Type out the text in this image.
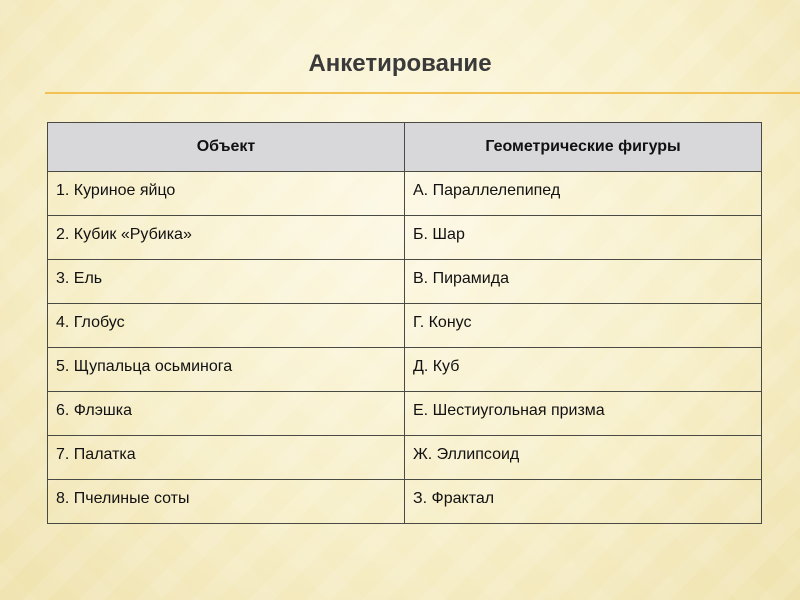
Анкетирование
Объект	Геометрические фигуры
1. Куриное яйцо	А. Параллелепипед
2. Кубик «Рубика»	Б. Шар
3. Ель	В. Пирамида
4. Глобус	Г. Конус
5. Щупальца осьминога	Д. Куб
6. Флэшка	Е. Шестиугольная призма
7. Палатка	Ж. Эллипсоид
8. Пчелиные соты	З. Фрактал
